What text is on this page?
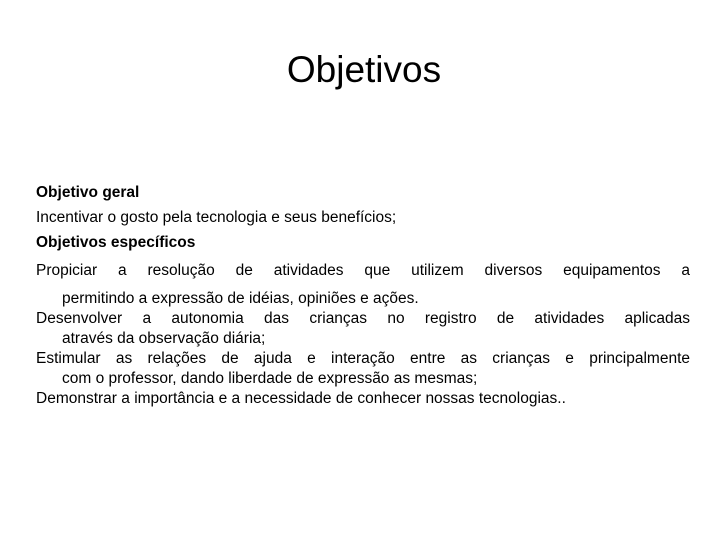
Objetivos

Objetivo geral

Incentivar o gosto pela tecnologia e seus benefícios;

Objetivos específicos

Propiciar a resolução de atividades que utilizem diversos equipamentos a
permitindo a expressão de idéias, opiniões e ações.
Desenvolver a autonomia das crianças no registro de atividades aplicadas
através da observação diária;
Estimular as relações de ajuda e interação entre as crianças e principalmente
com o professor, dando liberdade de expressão as mesmas;
Demonstrar a importância e a necessidade de conhecer nossas tecnologias..
